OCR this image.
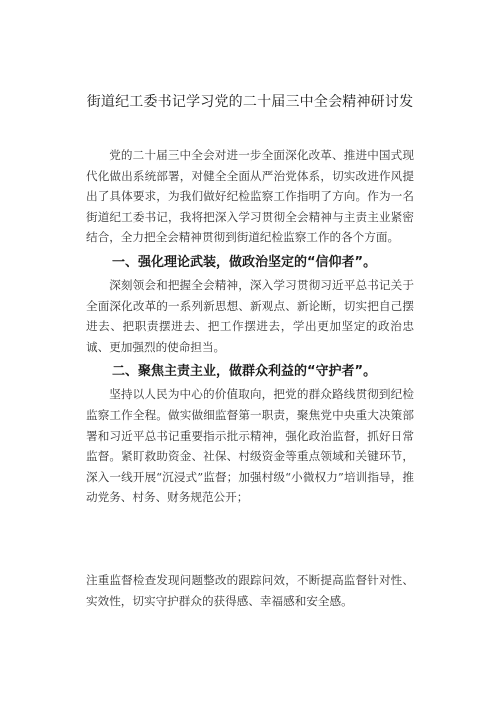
街道纪工委书记学习党的二十届三中全会精神研讨发

党的二十届三中全会对进一步全面深化改革、推进中国式现代化做出系统部署，对健全全面从严治党体系，切实改进作风提出了具体要求，为我们做好纪检监察工作指明了方向。作为一名街道纪工委书记，我将把深入学习贯彻全会精神与主责主业紧密结合，全力把全会精神贯彻到街道纪检监察工作的各个方面。

一、强化理论武装，做政治坚定的“信仰者”。

深刻领会和把握全会精神，深入学习贯彻习近平总书记关于全面深化改革的一系列新思想、新观点、新论断，切实把自己摆进去、把职责摆进去、把工作摆进去，学出更加坚定的政治忠诚、更加强烈的使命担当。

二、聚焦主责主业，做群众利益的“守护者”。

坚持以人民为中心的价值取向，把党的群众路线贯彻到纪检监察工作全程。做实做细监督第一职责，聚焦党中央重大决策部署和习近平总书记重要指示批示精神，强化政治监督，抓好日常监督。紧盯救助资金、社保、村级资金等重点领域和关键环节，深入一线开展“沉浸式”监督；加强村级“小微权力”培训指导，推动党务、村务、财务规范公开；

注重监督检查发现问题整改的跟踪问效，不断提高监督针对性、实效性，切实守护群众的获得感、幸福感和安全感。
